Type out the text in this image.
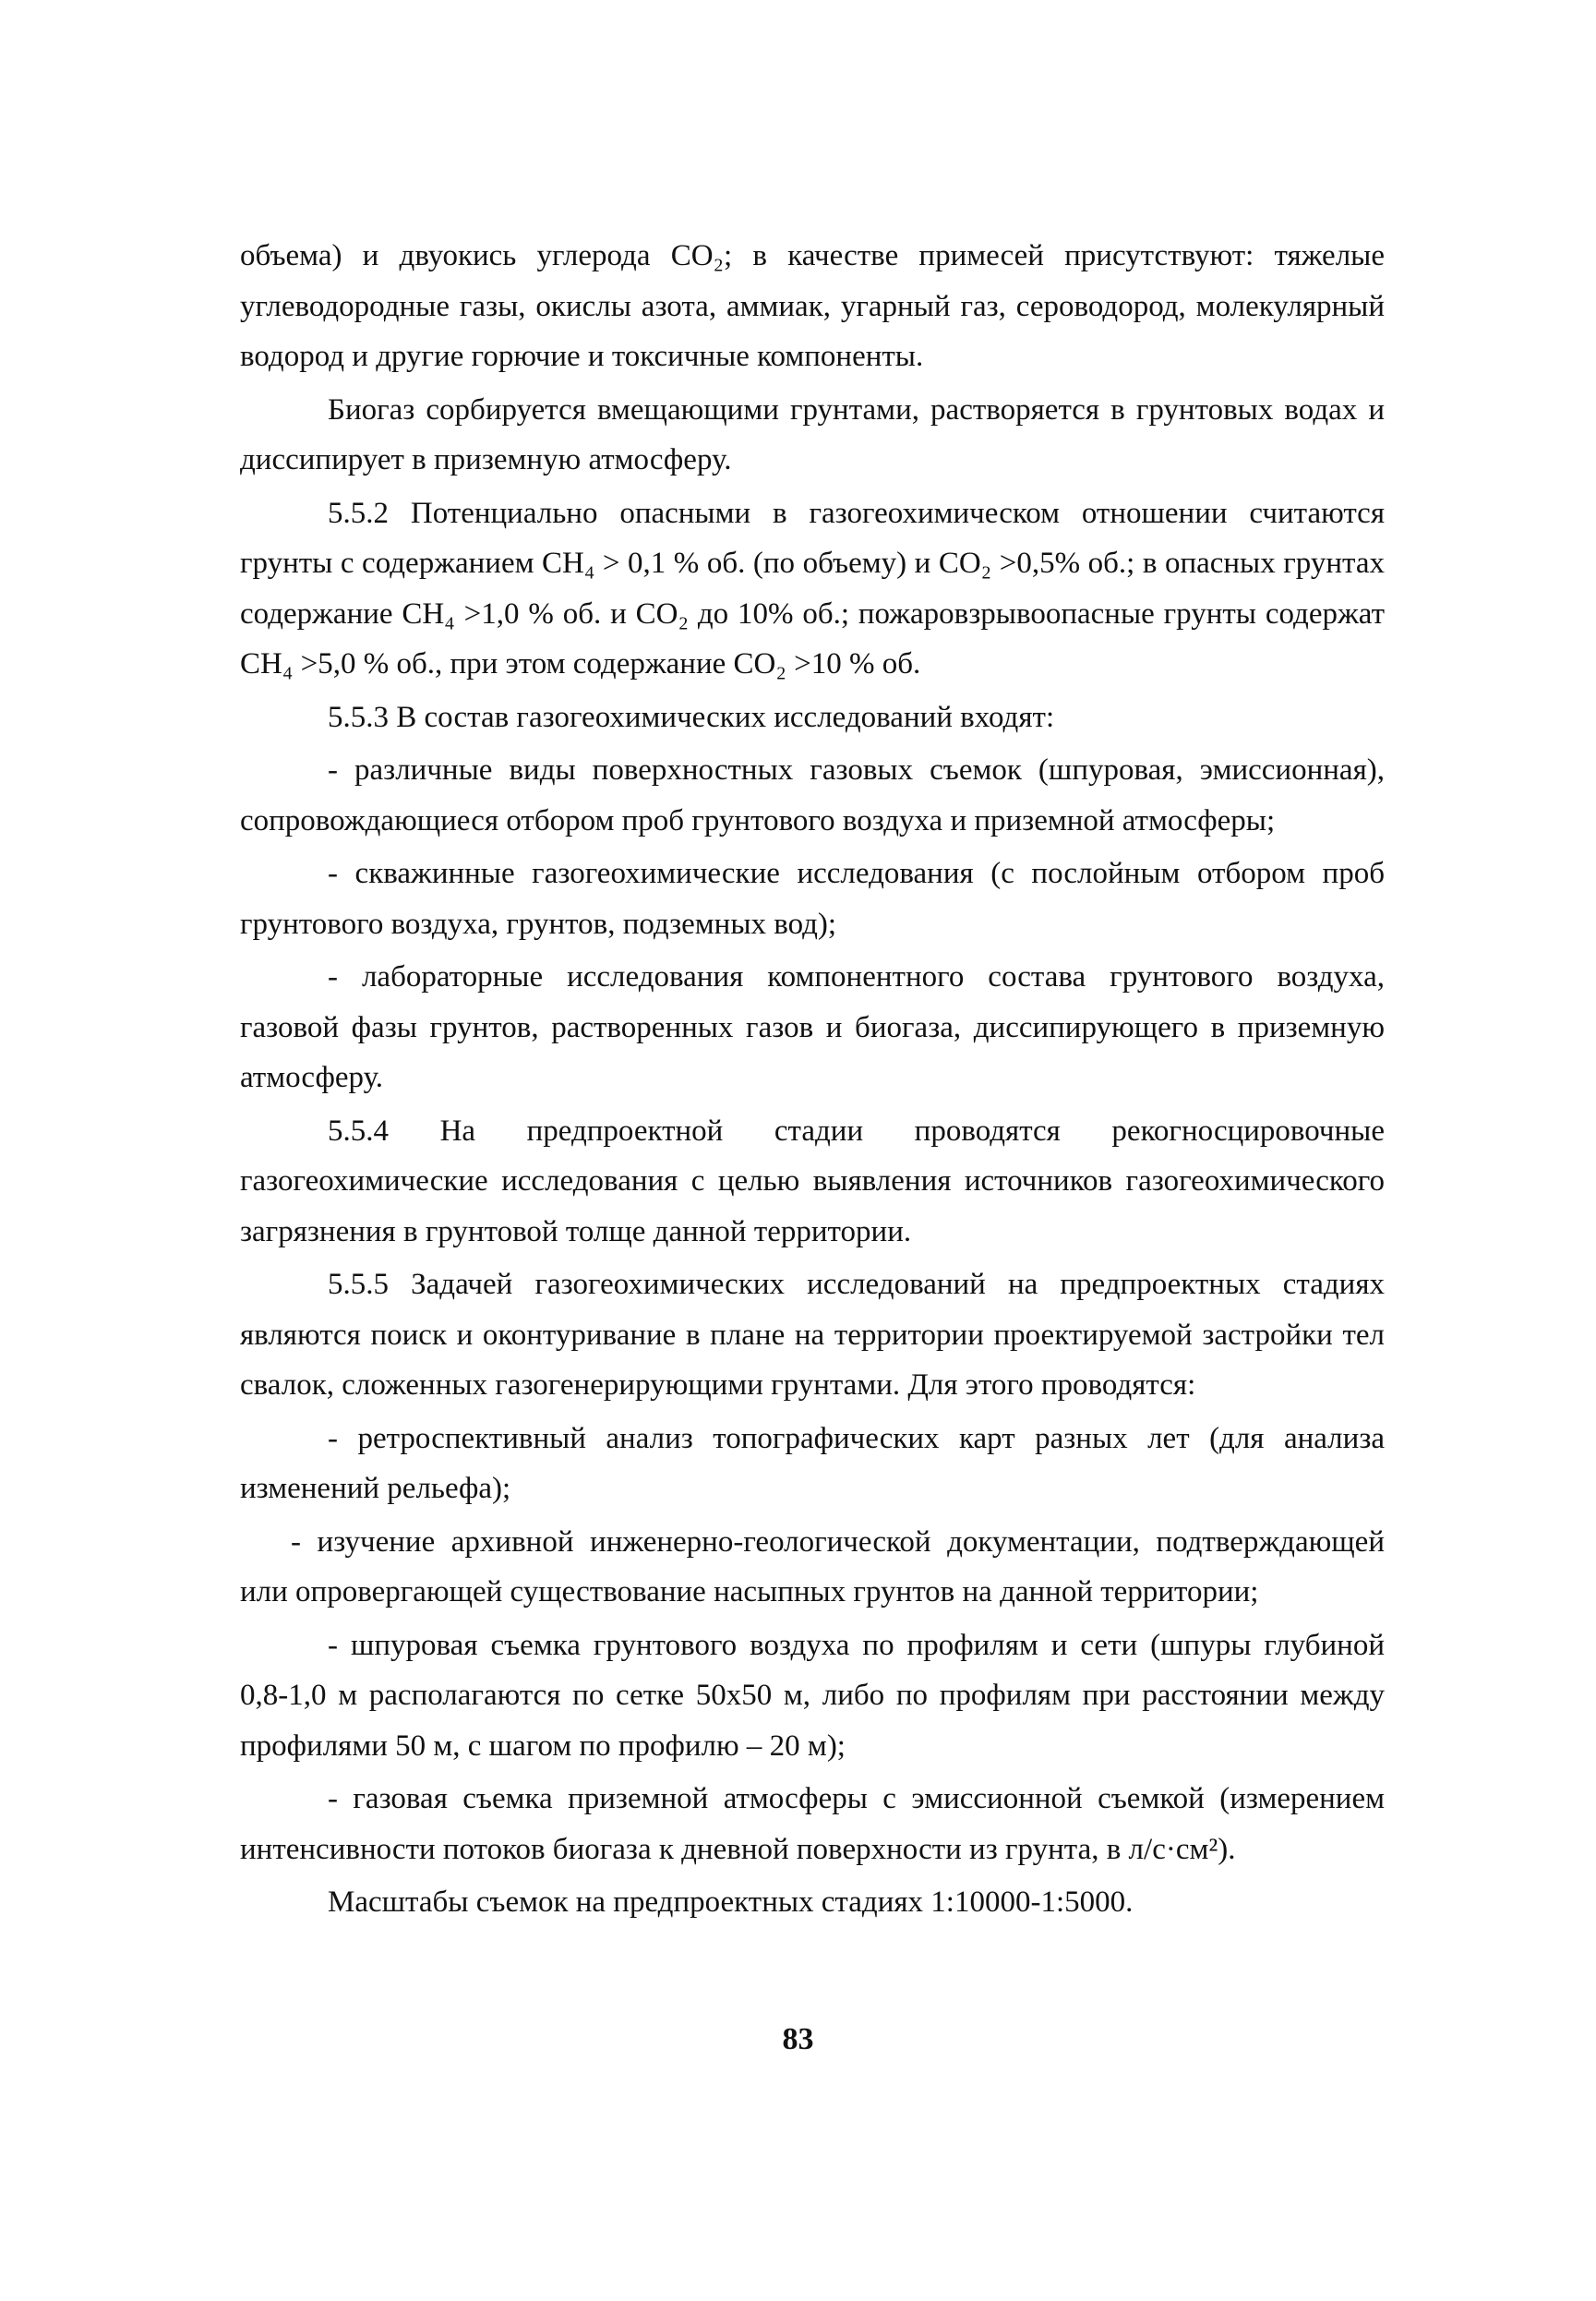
объема) и двуокись углерода CO₂; в качестве примесей присутствуют: тяжелые углеводородные газы, окислы азота, аммиак, угарный газ, сероводород, молекулярный водород и другие горючие и токсичные компоненты.

Биогаз сорбируется вмещающими грунтами, растворяется в грунтовых водах и диссипирует в приземную атмосферу.

5.5.2 Потенциально опасными в газогеохимическом отношении считаются грунты с содержанием CH₄ > 0,1 % об. (по объему) и CO₂ >0,5% об.; в опасных грунтах содержание CH₄ >1,0 % об. и CO₂ до 10% об.; пожаровзрывоопасные грунты содержат CH₄ >5,0 % об., при этом содержание CO₂ >10 % об.

5.5.3 В состав газогеохимических исследований входят:

- различные виды поверхностных газовых съемок (шпуровая, эмиссионная), сопровождающиеся отбором проб грунтового воздуха и приземной атмосферы;

- скважинные газогеохимические исследования (с послойным отбором проб грунтового воздуха, грунтов, подземных вод);

- лабораторные исследования компонентного состава грунтового воздуха, газовой фазы грунтов, растворенных газов и биогаза, диссипирующего в приземную атмосферу.

5.5.4 На предпроектной стадии проводятся рекогносцировочные газогеохимические исследования с целью выявления источников газогеохимического загрязнения в грунтовой толще данной территории.

5.5.5 Задачей газогеохимических исследований на предпроектных стадиях являются поиск и оконтуривание в плане на территории проектируемой застройки тел свалок, сложенных газогенерирующими грунтами. Для этого проводятся:

- ретроспективный анализ топографических карт разных лет (для анализа изменений рельефа);

- изучение архивной инженерно-геологической документации, подтверждающей или опровергающей существование насыпных грунтов на данной территории;

- шпуровая съемка грунтового воздуха по профилям и сети (шпуры глубиной 0,8-1,0 м располагаются по сетке 50х50 м, либо по профилям при расстоянии между профилями 50 м, с шагом по профилю – 20 м);

- газовая съемка приземной атмосферы с эмиссионной съемкой (измерением интенсивности потоков биогаза к дневной поверхности из грунта, в л/с·см²).

Масштабы съемок на предпроектных стадиях 1:10000-1:5000.

83
